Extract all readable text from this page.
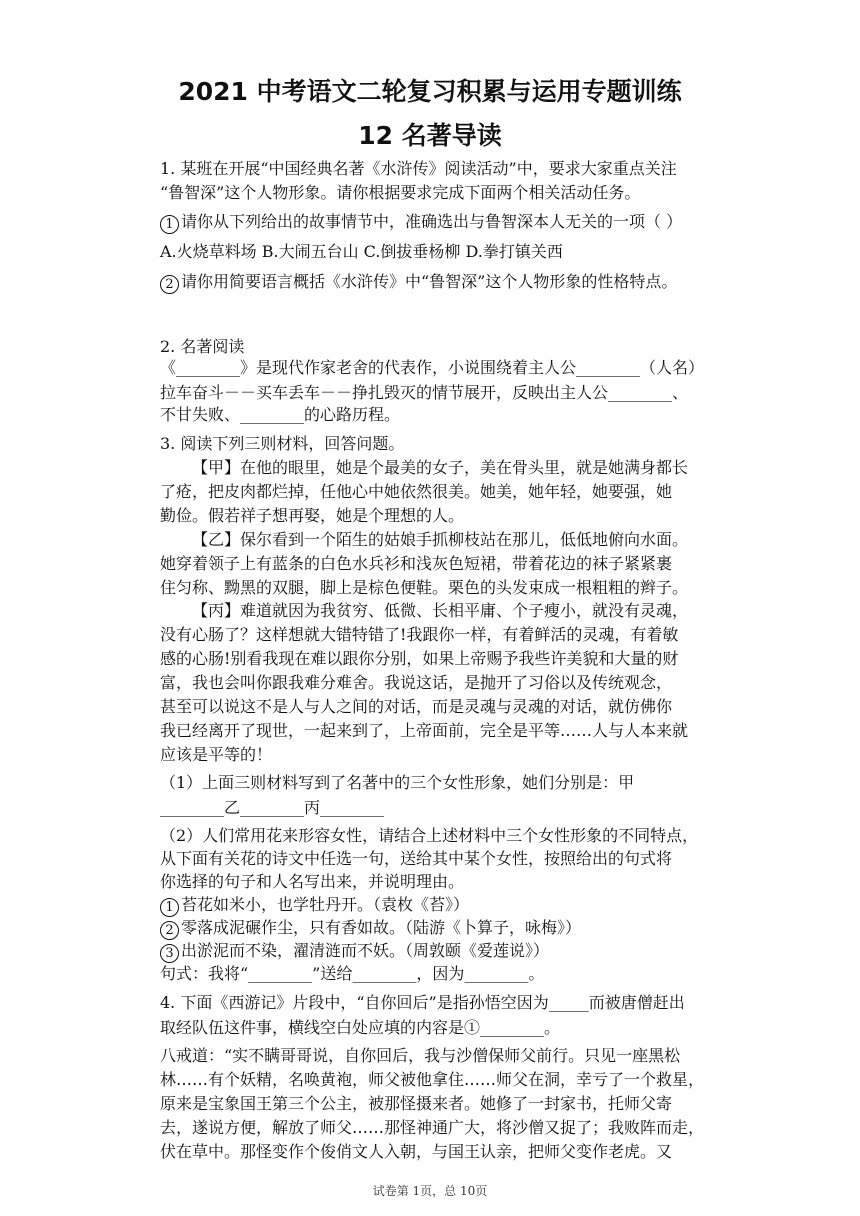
2021 中考语文二轮复习积累与运用专题训练
12 名著导读
1. 某班在开展“中国经典名著《水浒传》阅读活动”中，要求大家重点关注
“鲁智深”这个人物形象。请你根据要求完成下面两个相关活动任务。
1 请你从下列给出的故事情节中，准确选出与鲁智深本人无关的一项（ ）
A.火烧草料场 B.大闹五台山 C.倒拔垂杨柳 D.拳打镇关西
2 请你用简要语言概括《水浒传》中“鲁智深”这个人物形象的性格特点。
2. 名著阅读
《________》是现代作家老舍的代表作，小说围绕着主人公________（人名）
拉车奋斗－－买车丢车－－挣扎毁灭的情节展开，反映出主人公________、
不甘失败、________的心路历程。
3. 阅读下列三则材料，回答问题。
【甲】在他的眼里，她是个最美的女子，美在骨头里，就是她满身都长
了疮，把皮肉都烂掉，任他心中她依然很美。她美，她年轻，她要强，她
勤俭。假若祥子想再娶，她是个理想的人。
【乙】保尔看到一个陌生的姑娘手抓柳枝站在那儿，低低地俯向水面。
她穿着领子上有蓝条的白色水兵衫和浅灰色短裙，带着花边的袜子紧紧裹
住匀称、黝黑的双腿，脚上是棕色便鞋。栗色的头发束成一根粗粗的辫子。
【丙】难道就因为我贫穷、低微、长相平庸、个子瘦小，就没有灵魂，
没有心肠了？这样想就大错特错了!我跟你一样，有着鲜活的灵魂，有着敏
感的心肠!别看我现在难以跟你分别，如果上帝赐予我些许美貌和大量的财
富，我也会叫你跟我难分难舍。我说这话，是抛开了习俗以及传统观念，
甚至可以说这不是人与人之间的对话，而是灵魂与灵魂的对话，就仿佛你
我已经离开了现世，一起来到了，上帝面前，完全是平等……人与人本来就
应该是平等的！
（1）上面三则材料写到了名著中的三个女性形象，她们分别是：甲
________乙________丙________
（2）人们常用花来形容女性，请结合上述材料中三个女性形象的不同特点，
从下面有关花的诗文中任选一句，送给其中某个女性，按照给出的句式将
你选择的句子和人名写出来，并说明理由。
1 苔花如米小，也学牡丹开。（袁枚《苔》）
2 零落成泥碾作尘，只有香如故。（陆游《卜算子，咏梅》）
3 出淤泥而不染，濯清涟而不妖。（周敦颐《爱莲说》）
句式：我将“________”送给________，因为________。
4. 下面《西游记》片段中，“自你回后”是指孙悟空因为_____而被唐僧赶出
取经队伍这件事，横线空白处应填的内容是①________。
八戒道：“实不瞒哥哥说，自你回后，我与沙僧保师父前行。只见一座黑松
林……有个妖精，名唤黄袍，师父被他拿住……师父在洞，幸亏了一个救星，
原来是宝象国王第三个公主，被那怪摄来者。她修了一封家书，托师父寄
去，遂说方便，解放了师父……那怪神通广大，将沙僧又捉了；我败阵而走，
伏在草中。那怪变作个俊俏文人入朝，与国王认亲，把师父变作老虎。又
试卷第 1页，总 10页
